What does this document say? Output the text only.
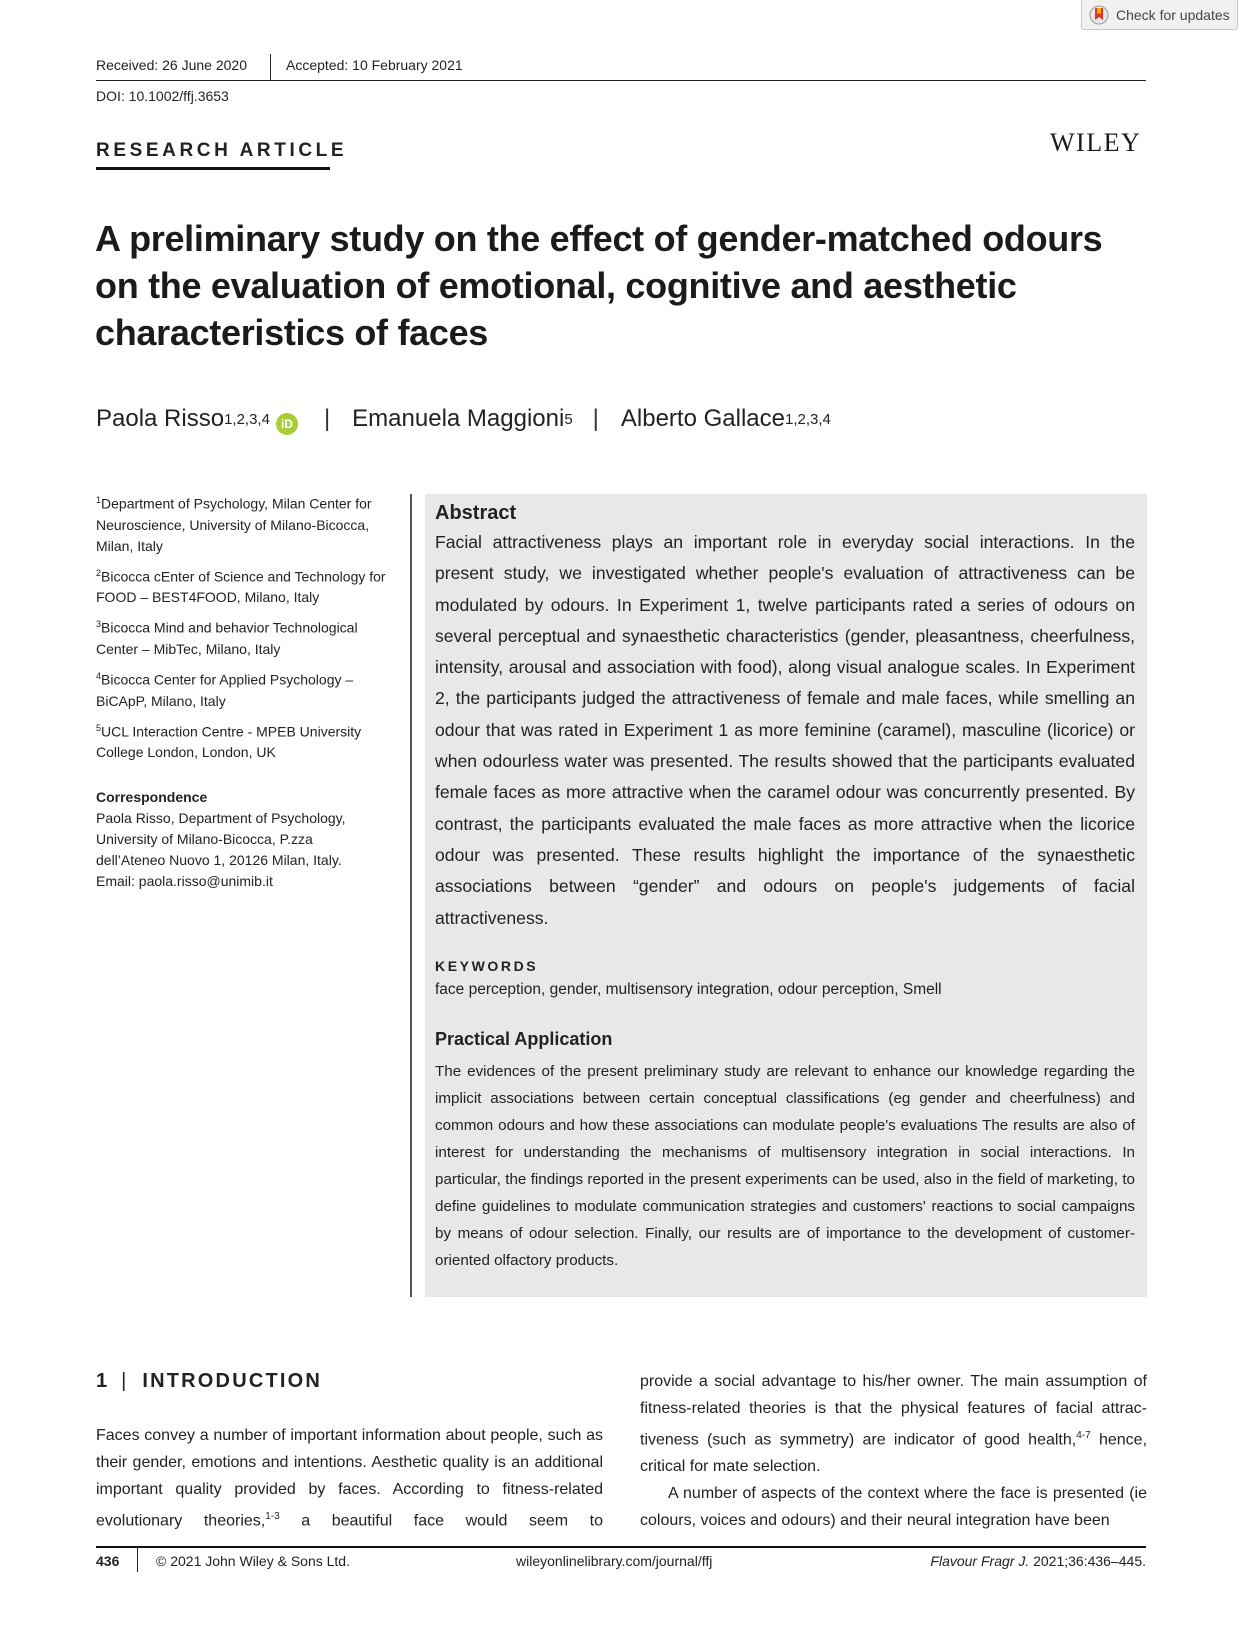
Check for updates
Received: 26 June 2020	Accepted: 10 February 2021
DOI: 10.1002/ffj.3653
RESEARCH ARTICLE	WILEY
A preliminary study on the effect of gender-matched odours
on the evaluation of emotional, cognitive and aesthetic
characteristics of faces
Paola Risso$^{1,2,3,4}$ iD | Emanuela Maggioni$^5$ | Alberto Gallace$^{1,2,3,4}$
$^1$Department of Psychology, Milan Center for Neuroscience, University of Milano-Bicocca, Milan, Italy
$^2$Bicocca cEnter of Science and Technology for FOOD – BEST4FOOD, Milano, Italy
$^3$Bicocca Mind and behavior Technological Center – MibTec, Milano, Italy
$^4$Bicocca Center for Applied Psychology – BiCApP, Milano, Italy
$^5$UCL Interaction Centre - MPEB University College London, London, UK
Correspondence
Paola Risso, Department of Psychology,
University of Milano-Bicocca, P.zza
dell’Ateneo Nuovo 1, 20126 Milan, Italy.
Email: paola.risso@unimib.it
Abstract

Facial attractiveness plays an important role in everyday social interactions. In the present study, we investigated whether people's evaluation of attractiveness can be modulated by odours. In Experiment 1, twelve participants rated a series of odours on several perceptual and synaesthetic characteristics (gender, pleasantness, cheerfulness, intensity, arousal and association with food), along visual analogue scales. In Experiment 2, the participants judged the attractiveness of female and male faces, while smelling an odour that was rated in Experiment 1 as more feminine (caramel), masculine (licorice) or when odourless water was presented. The results showed that the participants evaluated female faces as more attractive when the caramel odour was concurrently presented. By contrast, the participants evaluated the male faces as more attractive when the licorice odour was presented. These results highlight the importance of the synaesthetic associations between “gender” and odours on people's judgements of facial attractiveness.

KEYWORDS
face perception, gender, multisensory integration, odour perception, Smell
Practical Application
The evidences of the present preliminary study are relevant to enhance our knowledge regarding the implicit associations between certain conceptual classifications (eg gender and cheerfulness) and common odours and how these associations can modulate people's evaluations The results are also of interest for understanding the mechanisms of multisensory integration in social interactions. In particular, the findings reported in the present experiments can be used, also in the field of marketing, to define guidelines to modulate communication strategies and customers' reactions to social campaigns by means of odour selection. Finally, our results are of importance to the development of customer-oriented olfactory products.
1 | INTRODUCTION

Faces convey a number of important information about people, such as their gender, emotions and intentions. Aesthetic quality is an additional important quality provided by faces. According to fitness-related evolutionary theories,$^{1-3}$ a beautiful face would seem to

provide a social advantage to his/her owner. The main assumption of fitness-related theories is that the physical features of facial attractiveness (such as symmetry) are indicator of good health,$^{4-7}$ hence, critical for mate selection.

A number of aspects of the context where the face is presented (ie colours, voices and odours) and their neural integration have been

436	© 2021 John Wiley & Sons Ltd.	wileyonlinelibrary.com/journal/ffj	Flavour Fragr J. 2021;36:436–445.
